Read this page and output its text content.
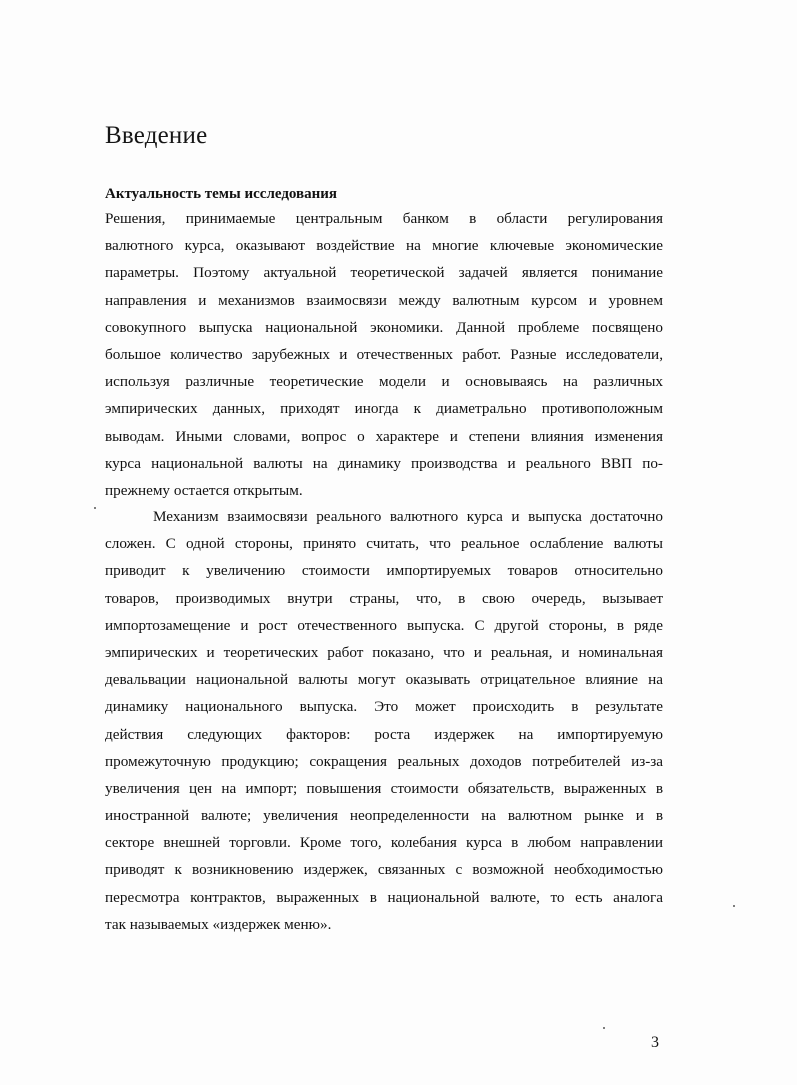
Введение
Актуальность темы исследования
Решения, принимаемые центральным банком в области регулирования
валютного курса, оказывают воздействие на многие ключевые экономические
параметры. Поэтому актуальной теоретической задачей является понимание
направления и механизмов взаимосвязи между валютным курсом и уровнем
совокупного выпуска национальной экономики. Данной проблеме посвящено
большое количество зарубежных и отечественных работ. Разные исследователи,
используя различные теоретические модели и основываясь на различных
эмпирических данных, приходят иногда к диаметрально противоположным
выводам. Иными словами, вопрос о характере и степени влияния изменения
курса национальной валюты на динамику производства и реального ВВП по-
прежнему остается открытым.
Механизм взаимосвязи реального валютного курса и выпуска достаточно
сложен. С одной стороны, принято считать, что реальное ослабление валюты
приводит к увеличению стоимости импортируемых товаров относительно
товаров, производимых внутри страны, что, в свою очередь, вызывает
импортозамещение и рост отечественного выпуска. С другой стороны, в ряде
эмпирических и теоретических работ показано, что и реальная, и номинальная
девальвации национальной валюты могут оказывать отрицательное влияние на
динамику национального выпуска. Это может происходить в результате
действия следующих факторов: роста издержек на импортируемую
промежуточную продукцию; сокращения реальных доходов потребителей из-за
увеличения цен на импорт; повышения стоимости обязательств, выраженных в
иностранной валюте; увеличения неопределенности на валютном рынке и в
секторе внешней торговли. Кроме того, колебания курса в любом направлении
приводят к возникновению издержек, связанных с возможной необходимостью
пересмотра контрактов, выраженных в национальной валюте, то есть аналога
так называемых «издержек меню».
3
